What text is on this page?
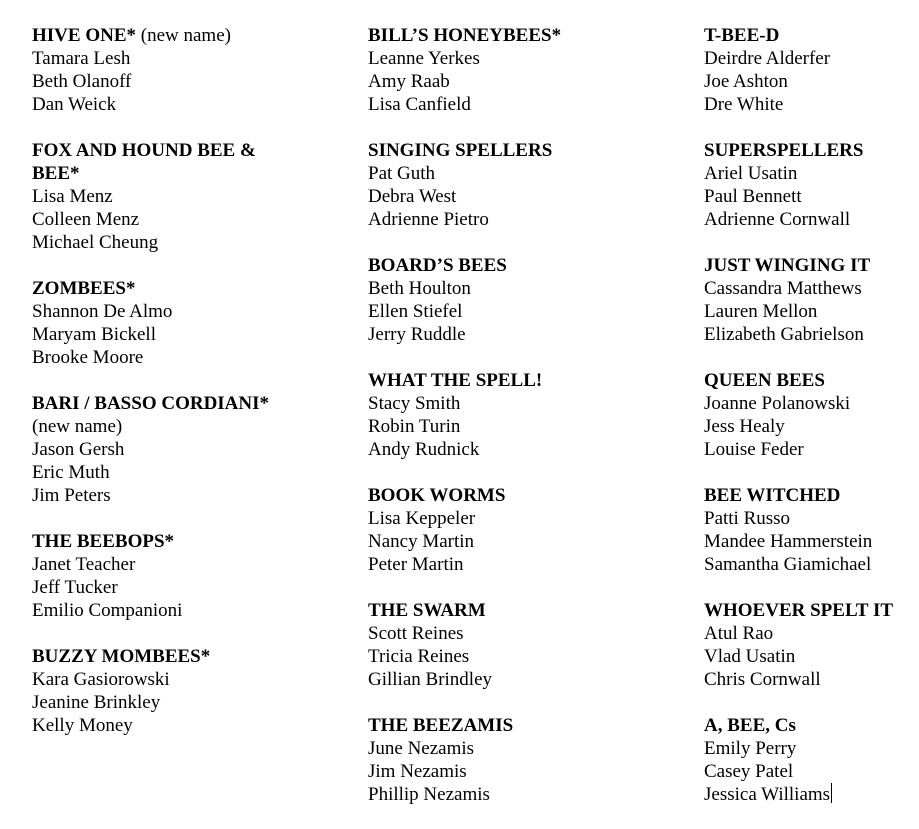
HIVE ONE* (new name)
Tamara Lesh
Beth Olanoff
Dan Weick
FOX AND HOUND BEE &
BEE*
Lisa Menz
Colleen Menz
Michael Cheung
ZOMBEES*
Shannon De Almo
Maryam Bickell
Brooke Moore
BARI / BASSO CORDIANI*
(new name)
Jason Gersh
Eric Muth
Jim Peters
THE BEEBOPS*
Janet Teacher
Jeff Tucker
Emilio Companioni
BUZZY MOMBEES*
Kara Gasiorowski
Jeanine Brinkley
Kelly Money
BILL’S HONEYBEES*
Leanne Yerkes
Amy Raab
Lisa Canfield
SINGING SPELLERS
Pat Guth
Debra West
Adrienne Pietro
BOARD’S BEES
Beth Houlton
Ellen Stiefel
Jerry Ruddle
WHAT THE SPELL!
Stacy Smith
Robin Turin
Andy Rudnick
BOOK WORMS
Lisa Keppeler
Nancy Martin
Peter Martin
THE SWARM
Scott Reines
Tricia Reines
Gillian Brindley
THE BEEZAMIS
June Nezamis
Jim Nezamis
Phillip Nezamis
T-BEE-D
Deirdre Alderfer
Joe Ashton
Dre White
SUPERSPELLERS
Ariel Usatin
Paul Bennett
Adrienne Cornwall
JUST WINGING IT
Cassandra Matthews
Lauren Mellon
Elizabeth Gabrielson
QUEEN BEES
Joanne Polanowski
Jess Healy
Louise Feder
BEE WITCHED
Patti Russo
Mandee Hammerstein
Samantha Giamichael
WHOEVER SPELT IT
Atul Rao
Vlad Usatin
Chris Cornwall
A, BEE, Cs
Emily Perry
Casey Patel
Jessica Williams
